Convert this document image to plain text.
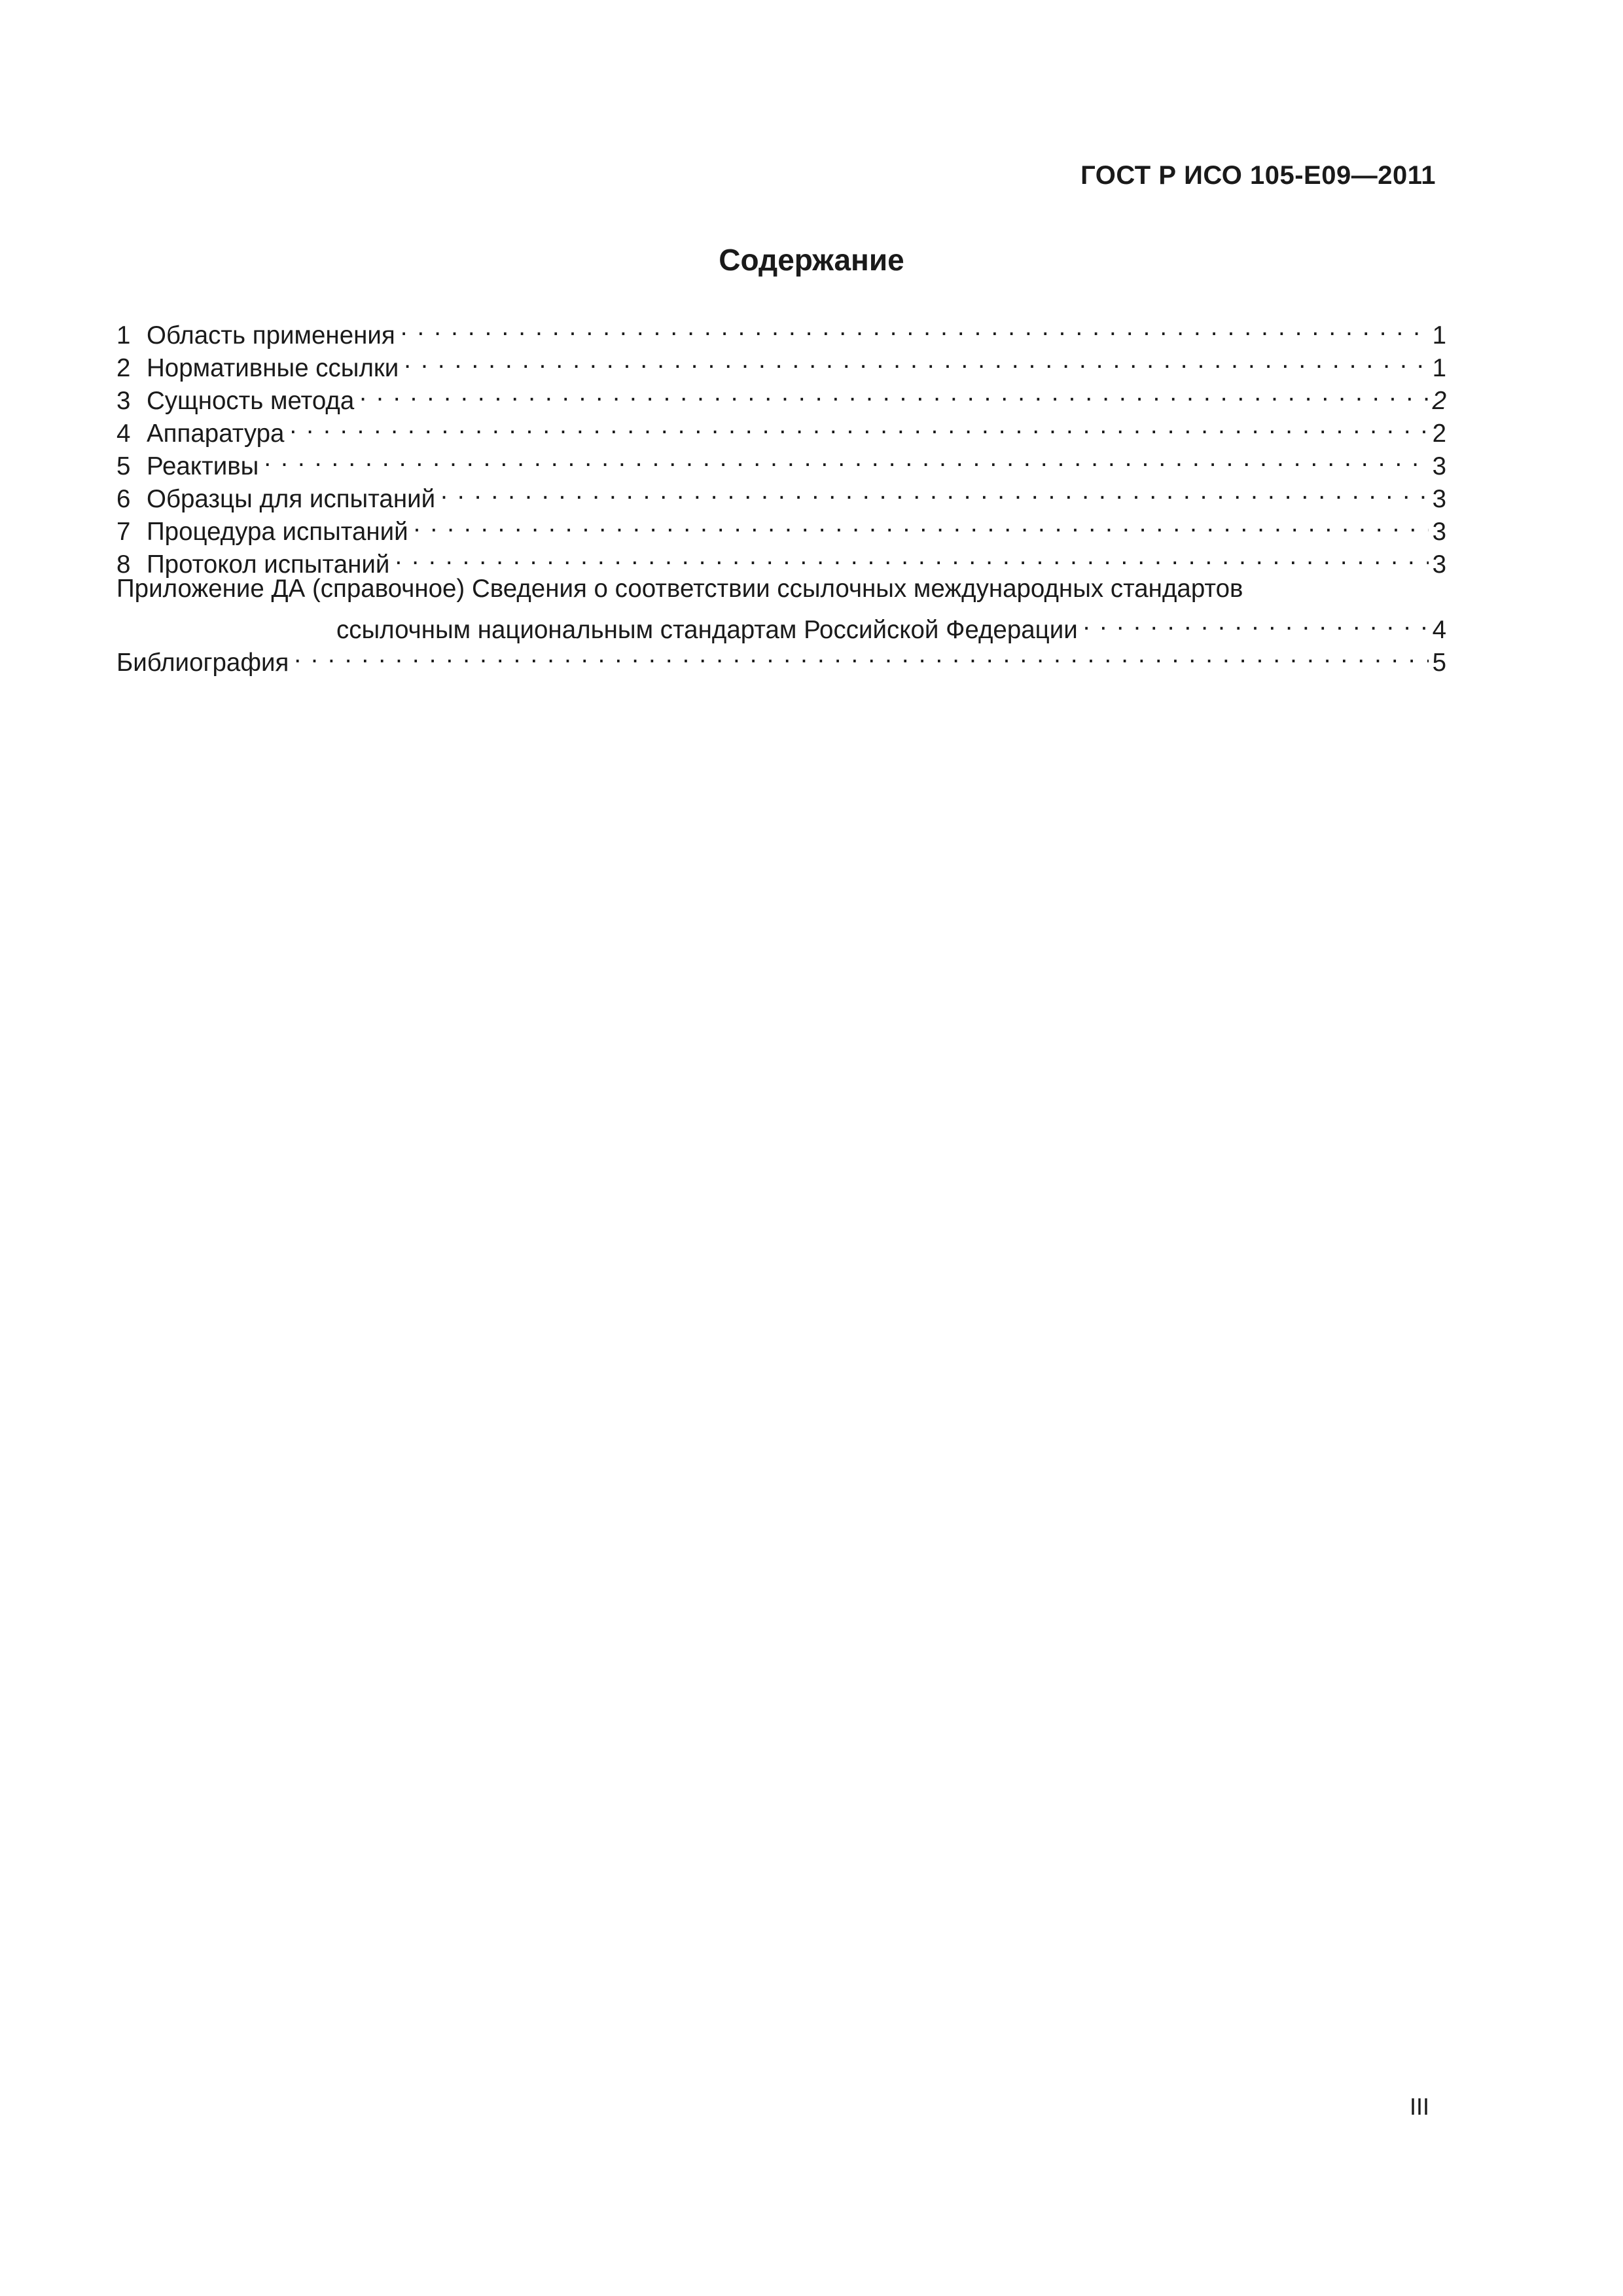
ГОСТ Р ИСО 105-Е09—2011
Содержание
1 Область применения . . .	1
2 Нормативные ссылки . . .	1
3 Сущность метода . . .	2
4 Аппаратура . . .	2
5 Реактивы . . .	3
6 Образцы для испытаний . . .	3
7 Процедура испытаний . . .	3
8 Протокол испытаний . . .	3
Приложение ДА (справочное) Сведения о соответствии ссылочных международных стандартов
ссылочным национальным стандартам Российской Федерации . . .	4
Библиография . . .	5
III
